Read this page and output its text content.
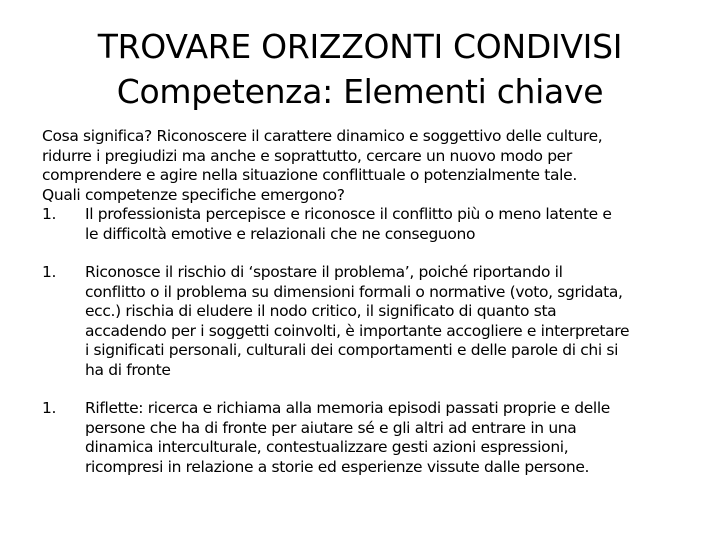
TROVARE ORIZZONTI CONDIVISI
Competenza: Elementi chiave
Cosa significa? Riconoscere il carattere dinamico e soggettivo delle culture,
ridurre i pregiudizi ma anche e soprattutto, cercare un nuovo modo per
comprendere e agire nella situazione conflittuale o potenzialmente tale.
Quali competenze specifiche emergono?
1.	Il professionista percepisce e riconosce il conflitto più o meno latente e
le difficoltà emotive e relazionali che ne conseguono
1.	Riconosce il rischio di ‘spostare il problema’, poiché riportando il
conflitto o il problema su dimensioni formali o normative (voto, sgridata,
ecc.) rischia di eludere il nodo critico, il significato di quanto sta
accadendo per i soggetti coinvolti, è importante accogliere e interpretare
i significati personali, culturali dei comportamenti e delle parole di chi si
ha di fronte
1.	Riflette: ricerca e richiama alla memoria episodi passati proprie e delle
persone che ha di fronte per aiutare sé e gli altri ad entrare in una
dinamica interculturale, contestualizzare gesti azioni espressioni,
ricompresi in relazione a storie ed esperienze vissute dalle persone.
